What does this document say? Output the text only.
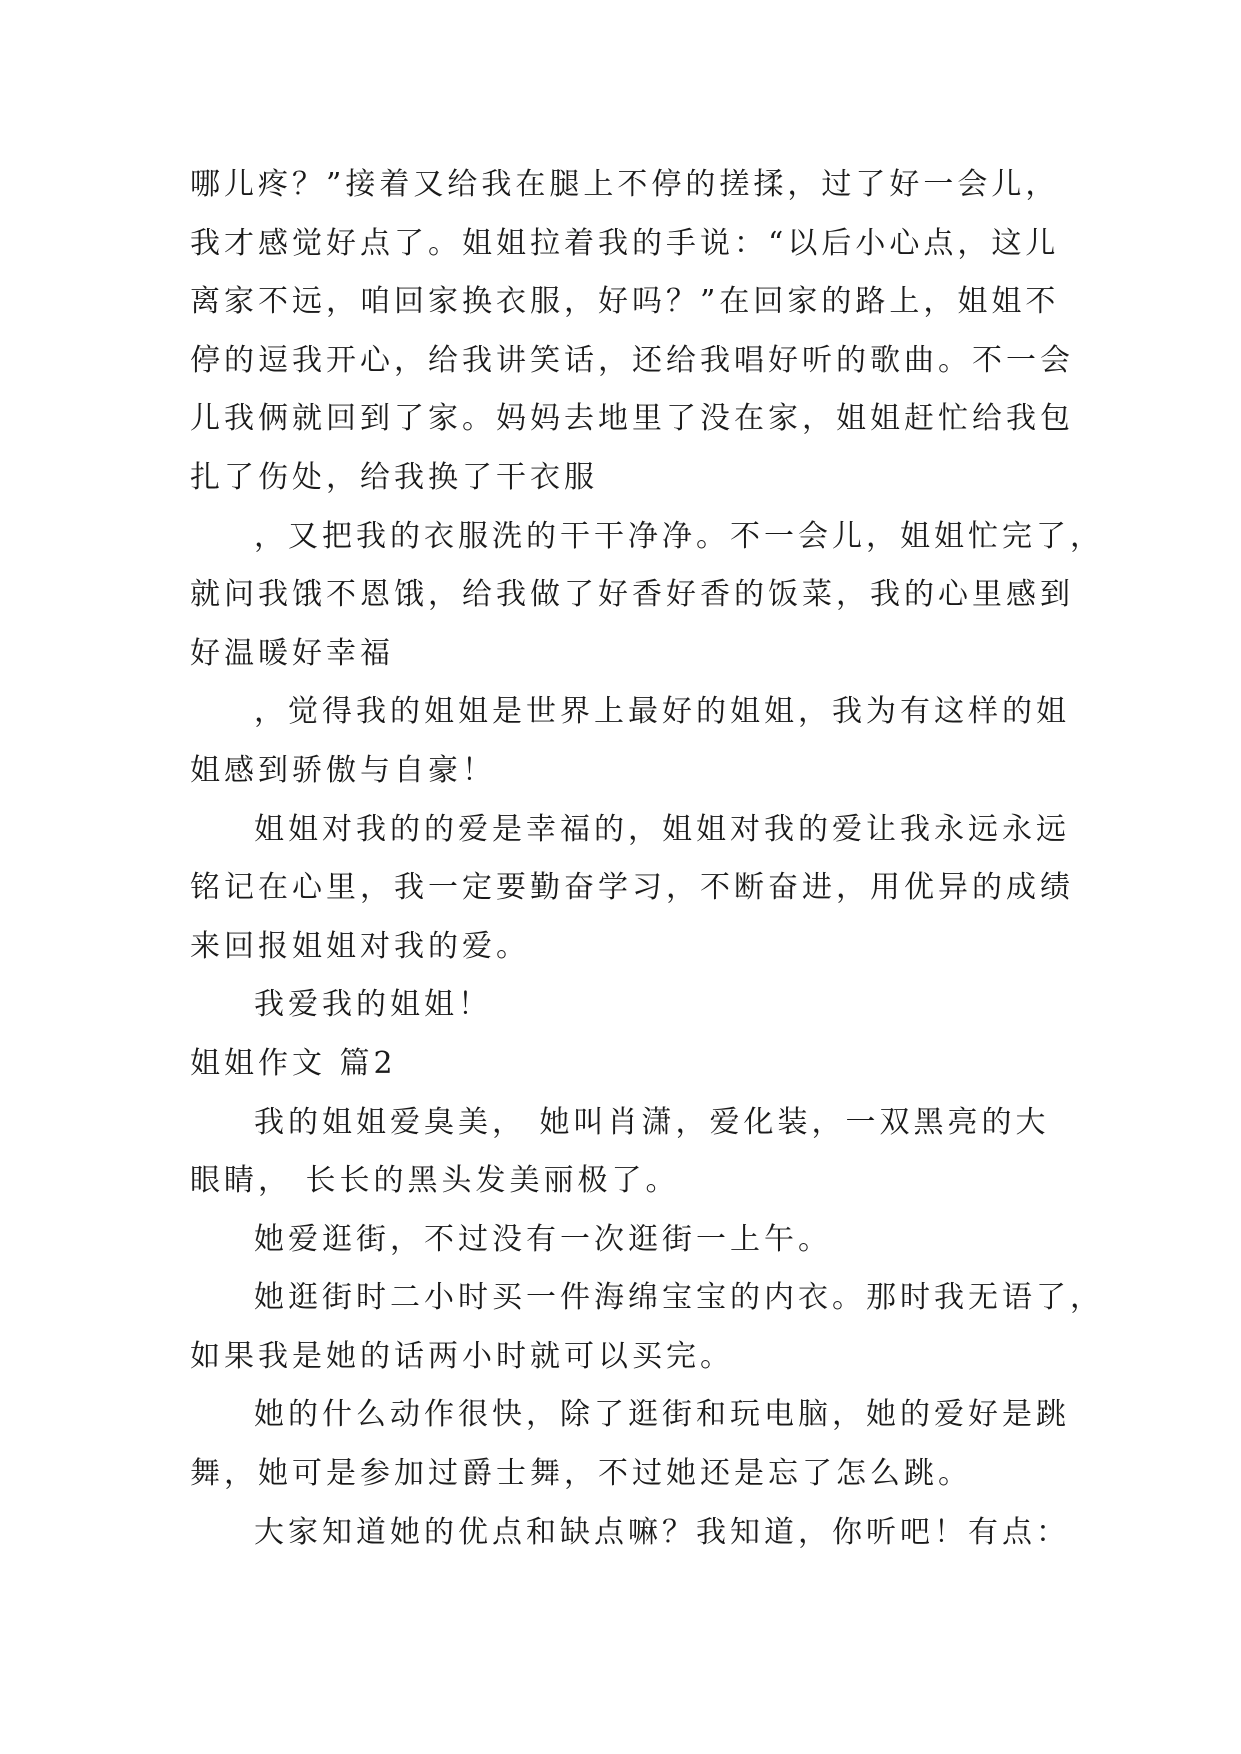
哪儿疼？”接着又给我在腿上不停的搓揉，过了好一会儿，
我才感觉好点了。姐姐拉着我的手说：“以后小心点，这儿
离家不远，咱回家换衣服，好吗？”在回家的路上，姐姐不
停的逗我开心，给我讲笑话，还给我唱好听的歌曲。不一会
儿我俩就回到了家。妈妈去地里了没在家，姐姐赶忙给我包
扎了伤处，给我换了干衣服
，又把我的衣服洗的干干净净。不一会儿，姐姐忙完了，
就问我饿不恩饿，给我做了好香好香的饭菜，我的心里感到
好温暖好幸福
，觉得我的姐姐是世界上最好的姐姐，我为有这样的姐
姐感到骄傲与自豪！
姐姐对我的的爱是幸福的，姐姐对我的爱让我永远永远
铭记在心里，我一定要勤奋学习，不断奋进，用优异的成绩
来回报姐姐对我的爱。
我爱我的姐姐！
姐姐作文 篇2
我的姐姐爱臭美， 她叫肖潇，爱化装，一双黑亮的大
眼睛， 长长的黑头发美丽极了。
她爱逛街，不过没有一次逛街一上午。
她逛街时二小时买一件海绵宝宝的内衣。那时我无语了，
如果我是她的话两小时就可以买完。
她的什么动作很快，除了逛街和玩电脑，她的爱好是跳
舞，她可是参加过爵士舞，不过她还是忘了怎么跳。
大家知道她的优点和缺点嘛？我知道，你听吧！有点：
